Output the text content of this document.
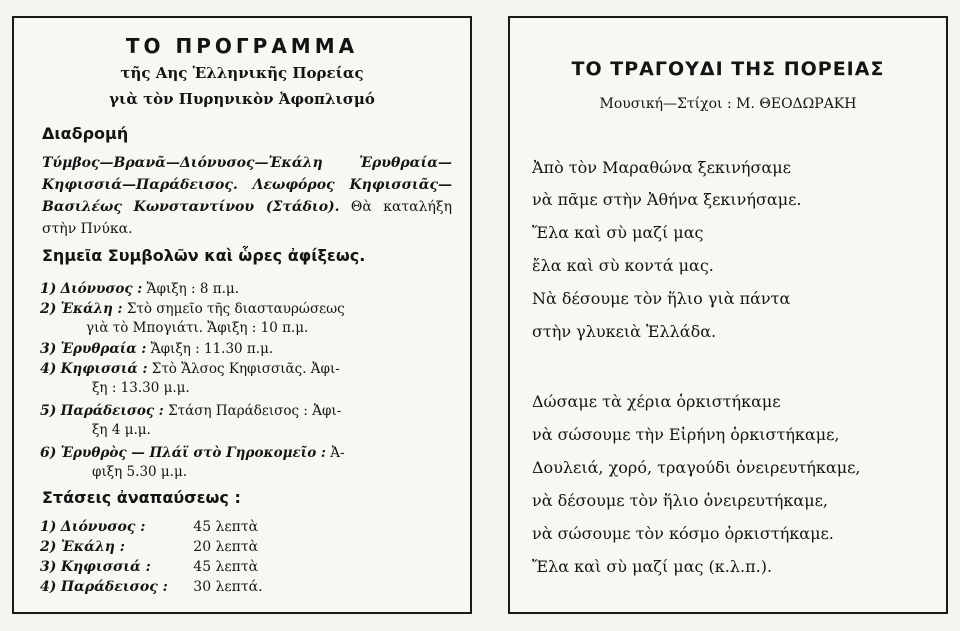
ΤΟ ΠΡΟΓΡΑΜΜΑ

τῆς Αης Ἑλληνικῆς Πορείας

γιὰ τὸν Πυρηνικὸν Ἀφοπλισμό

Διαδρομή

Τύμβος—Βρανᾶ—Διόνυσος—Ἐκάλη Ἐρυθραία—Κηφισσιά—Παράδεισος. Λεωφόρος Κηφισσιᾶς—Βασιλέως Κωνσταντίνου (Στάδιο). Θὰ καταλήξη στὴν Πνύκα.

Σημεῖα Συμβολῶν καὶ ὧρες ἀφίξεως.

1) Διόνυσος : Ἄφιξη : 8 π.μ.

2) Ἐκάλη : Στὸ σημεῖο τῆς διασταυρώσεως
γιὰ τὸ Μπογιάτι. Ἄφιξη : 10 π.μ.

3) Ἐρυθραία : Ἄφιξη : 11.30 π.μ.

4) Κηφισσιά : Στὸ Ἄλσος Κηφισσιᾶς. Ἀφι-
ξη : 13.30 μ.μ.

5) Παράδεισος : Στάση Παράδεισος : Ἀφι-
ξη 4 μ.μ.

6) Ἐρυθρὸς — Πλάϊ στὸ Γηροκομεῖο : Ἀ-
φιξη 5.30 μ.μ.

Στάσεις ἀναπαύσεως :

1) Διόνυσος :	45 λεπτὰ

2) Ἐκάλη :	20 λεπτὰ

3) Κηφισσιά :	45 λεπτὰ

4) Παράδεισος : 30 λεπτά.

ΤΟ ΤΡΑΓΟΥΔΙ ΤΗΣ ΠΟΡΕΙΑΣ

Μουσική—Στίχοι : Μ. ΘΕΟΔΩΡΑΚΗ

Ἀπὸ τὸν Μαραθώνα ξεκινήσαμε

νὰ πᾶμε στὴν Ἀθήνα ξεκινήσαμε.

Ἔλα καὶ σὺ μαζί μας

ἔλα καὶ σὺ κοντά μας.

Νὰ δέσουμε τὸν ἥλιο γιὰ πάντα

στὴν γλυκειὰ Ἑλλάδα.

Δώσαμε τὰ χέρια ὁρκιστήκαμε

νὰ σώσουμε τὴν Εἰρήνη ὁρκιστήκαμε,

Δουλειά, χορό, τραγούδι ὀνειρευτήκαμε,

νὰ δέσουμε τὸν ἥλιο ὀνειρευτήκαμε,

νὰ σώσουμε τὸν κόσμο ὁρκιστήκαμε.

Ἔλα καὶ σὺ μαζί μας (κ.λ.π.).
